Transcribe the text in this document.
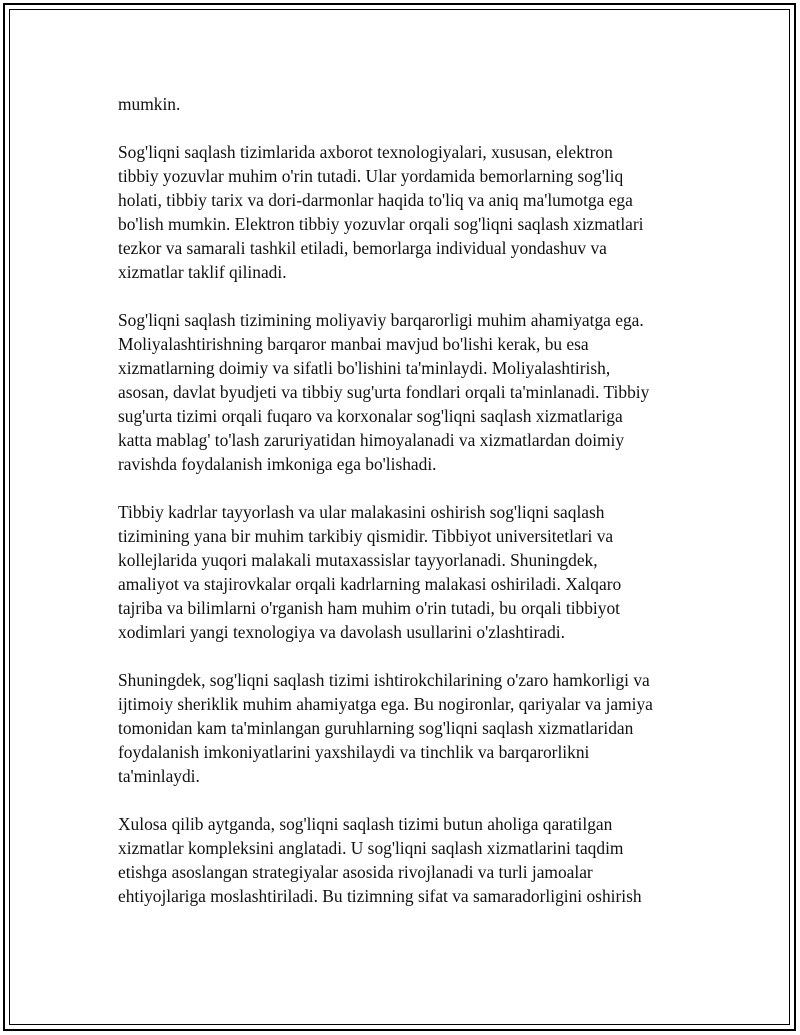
mumkin.
Sog'liqni saqlash tizimlarida axborot texnologiyalari, xususan, elektron
tibbiy yozuvlar muhim o'rin tutadi. Ular yordamida bemorlarning sog'liq
holati, tibbiy tarix va dori-darmonlar haqida to'liq va aniq ma'lumotga ega
bo'lish mumkin. Elektron tibbiy yozuvlar orqali sog'liqni saqlash xizmatlari
tezkor va samarali tashkil etiladi, bemorlarga individual yondashuv va
xizmatlar taklif qilinadi.
Sog'liqni saqlash tizimining moliyaviy barqarorligi muhim ahamiyatga ega.
Moliyalashtirishning barqaror manbai mavjud bo'lishi kerak, bu esa
xizmatlarning doimiy va sifatli bo'lishini ta'minlaydi. Moliyalashtirish,
asosan, davlat byudjeti va tibbiy sug'urta fondlari orqali ta'minlanadi. Tibbiy
sug'urta tizimi orqali fuqaro va korxonalar sog'liqni saqlash xizmatlariga
katta mablag' to'lash zaruriyatidan himoyalanadi va xizmatlardan doimiy
ravishda foydalanish imkoniga ega bo'lishadi.
Tibbiy kadrlar tayyorlash va ular malakasini oshirish sog'liqni saqlash
tizimining yana bir muhim tarkibiy qismidir. Tibbiyot universitetlari va
kollejlarida yuqori malakali mutaxassislar tayyorlanadi. Shuningdek,
amaliyot va stajirovkalar orqali kadrlarning malakasi oshiriladi. Xalqaro
tajriba va bilimlarni o'rganish ham muhim o'rin tutadi, bu orqali tibbiyot
xodimlari yangi texnologiya va davolash usullarini o'zlashtiradi.
Shuningdek, sog'liqni saqlash tizimi ishtirokchilarining o'zaro hamkorligi va
ijtimoiy sheriklik muhim ahamiyatga ega. Bu nogironlar, qariyalar va jamiya
tomonidan kam ta'minlangan guruhlarning sog'liqni saqlash xizmatlaridan
foydalanish imkoniyatlarini yaxshilaydi va tinchlik va barqarorlikni
ta'minlaydi.
Xulosa qilib aytganda, sog'liqni saqlash tizimi butun aholiga qaratilgan
xizmatlar kompleksini anglatadi. U sog'liqni saqlash xizmatlarini taqdim
etishga asoslangan strategiyalar asosida rivojlanadi va turli jamoalar
ehtiyojlariga moslashtiriladi. Bu tizimning sifat va samaradorligini oshirish
